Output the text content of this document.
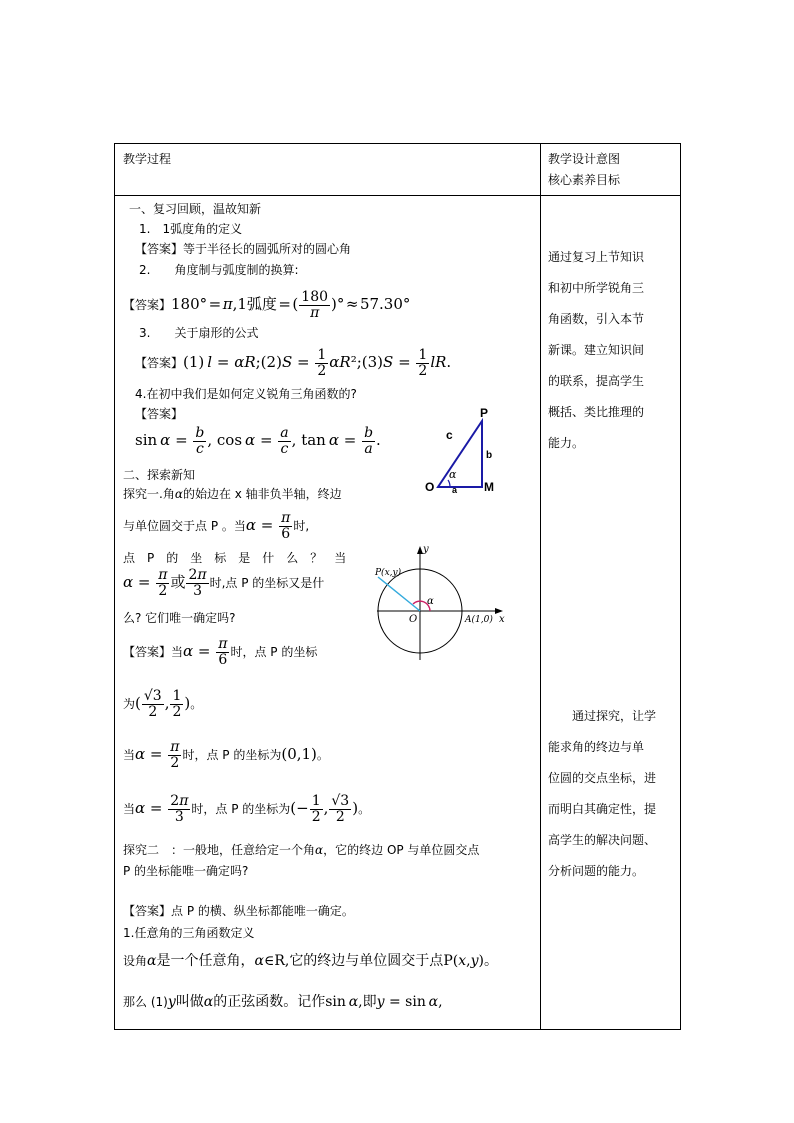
教学过程	教学设计意图
核心素养目标
一、复习回顾，温故知新
1.　1弧度角的定义
【答案】等于半径长的圆弧所对的圆心角
2.　　角度制与弧度制的换算:
【答案】180° = π,1弧度 = ( $\frac{180}{\pi}$ )° ≈ 57.30°
3.　　关于扇形的公式
【答案】(1) l = αR;(2)S = $\frac{1}{2}$ αR²;(3)S = $\frac{1}{2}$ lR.
4.在初中我们是如何定义锐角三角函数的?
【答案】
$\sin \alpha = \frac{b}{c}$ , $\cos \alpha = \frac{a}{c}$ , $\tan \alpha = \frac{b}{a}$ .
P
c
b
O a M
α
二、探索新知
探究一.角α的始边在 x 轴非负半轴，终边
与单位圆交于点 P 。当$\alpha = \frac{\pi}{6}$ 时,
点　P　的　坐　标　是　什　么　？　当
$\alpha = \frac{\pi}{2}$ 或 $\frac{2\pi}{3}$ 时,点 P 的坐标又是什
么? 它们唯一确定吗?
y
x
P(x,y)
α
O	A(1,0)
【答案】当$\alpha = \frac{\pi}{6}$ 时，点 P 的坐标
为( $\frac{√3}{2}$ , $\frac{1}{2}$ )。
当$\alpha = \frac{\pi}{2}$ 时，点 P 的坐标为(0,1)。
当$\alpha = \frac{2\pi}{3}$ 时，点 P 的坐标为(− $\frac{1}{2}$ , $\frac{√3}{2}$ )。
探究二　：一般地，任意给定一个角α，它的终边 OP 与单位圆交点
P 的坐标能唯一确定吗?
【答案】点 P 的横、纵坐标都能唯一确定。
1.任意角的三角函数定义
设角α是一个任意角，α∈R,它的终边与单位圆交于点P(x,y)。
那么 (1)y叫做α的正弦函数。记作sin α,即y = sin α,

通过复习上节知识

和初中所学锐角三

角函数，引入本节

新课。建立知识间

的联系，提高学生

概括、类比推理的

能力。

　　通过探究，让学

能求角的终边与单

位圆的交点坐标，进

而明白其确定性，提

高学生的解决问题、

分析问题的能力。
